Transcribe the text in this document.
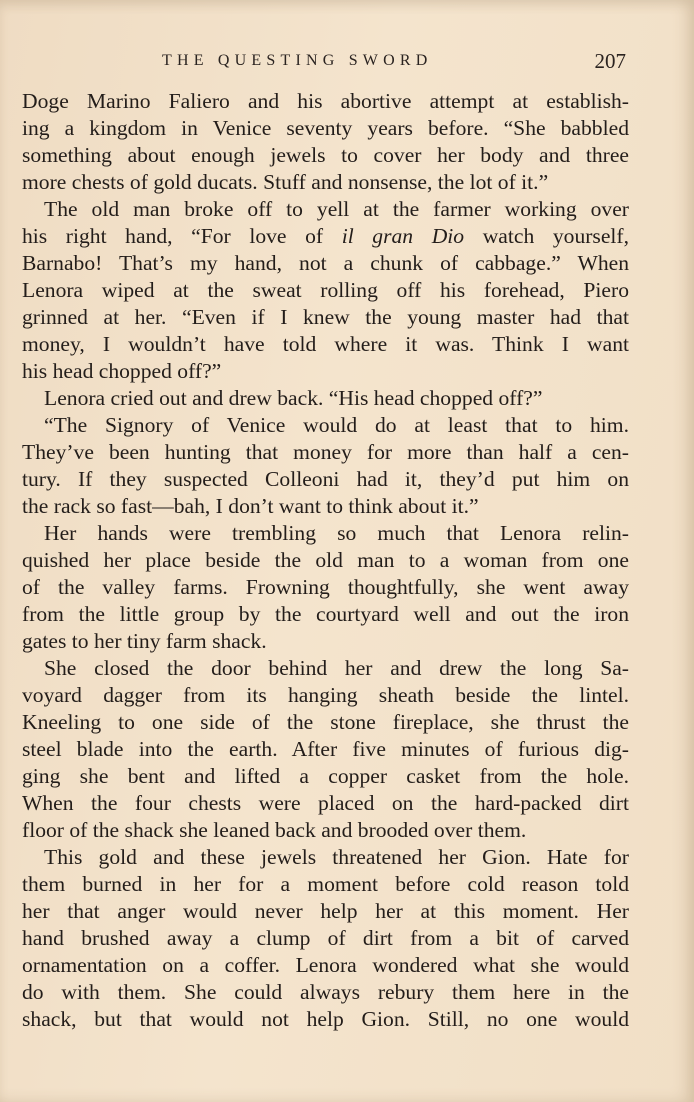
THE QUESTING SWORD	207
Doge Marino Faliero and his abortive attempt at establish-
ing a kingdom in Venice seventy years before. “She babbled
something about enough jewels to cover her body and three
more chests of gold ducats. Stuff and nonsense, the lot of it.”
The old man broke off to yell at the farmer working over
his right hand, “For love of il gran Dio watch yourself,
Barnabo! That’s my hand, not a chunk of cabbage.” When
Lenora wiped at the sweat rolling off his forehead, Piero
grinned at her. “Even if I knew the young master had that
money, I wouldn’t have told where it was. Think I want
his head chopped off?”
Lenora cried out and drew back. “His head chopped off?”
“The Signory of Venice would do at least that to him.
They’ve been hunting that money for more than half a cen-
tury. If they suspected Colleoni had it, they’d put him on
the rack so fast—bah, I don’t want to think about it.”
Her hands were trembling so much that Lenora relin-
quished her place beside the old man to a woman from one
of the valley farms. Frowning thoughtfully, she went away
from the little group by the courtyard well and out the iron
gates to her tiny farm shack.
She closed the door behind her and drew the long Sa-
voyard dagger from its hanging sheath beside the lintel.
Kneeling to one side of the stone fireplace, she thrust the
steel blade into the earth. After five minutes of furious dig-
ging she bent and lifted a copper casket from the hole.
When the four chests were placed on the hard-packed dirt
floor of the shack she leaned back and brooded over them.
This gold and these jewels threatened her Gion. Hate for
them burned in her for a moment before cold reason told
her that anger would never help her at this moment. Her
hand brushed away a clump of dirt from a bit of carved
ornamentation on a coffer. Lenora wondered what she would
do with them. She could always rebury them here in the
shack, but that would not help Gion. Still, no one would
